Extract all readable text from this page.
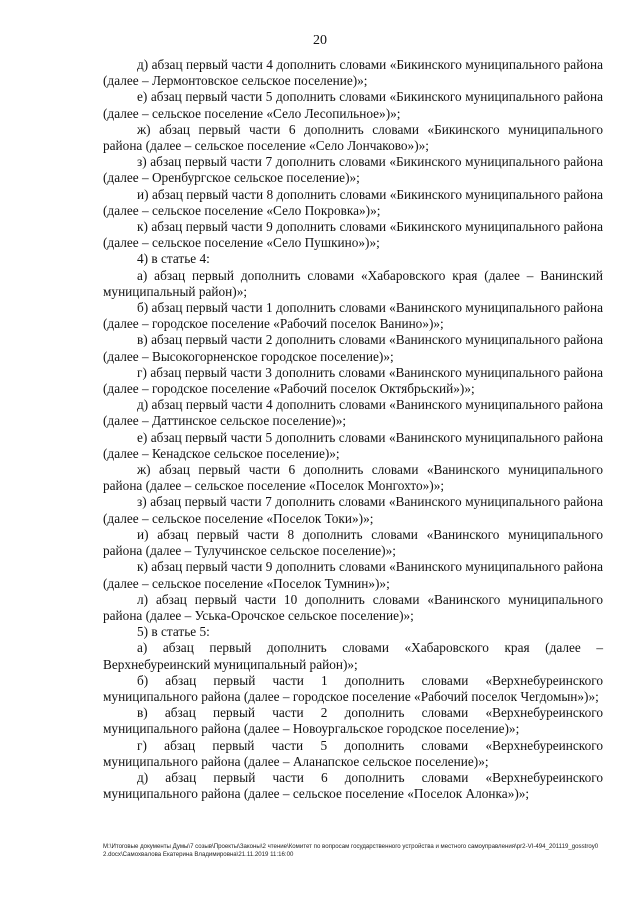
20

д) абзац первый части 4 дополнить словами «Бикинского муниципального района (далее – Лермонтовское сельское поселение)»;

е) абзац первый части 5 дополнить словами «Бикинского муниципального района (далее – сельское поселение «Село Лесопильное»)»;

ж) абзац первый части 6 дополнить словами «Бикинского муниципального района (далее – сельское поселение «Село Лончаково»)»;

з) абзац первый части 7 дополнить словами «Бикинского муниципального района (далее – Оренбургское сельское поселение)»;

и) абзац первый части 8 дополнить словами «Бикинского муниципального района (далее – сельское поселение «Село Покровка»)»;

к) абзац первый части 9 дополнить словами «Бикинского муниципального района (далее – сельское поселение «Село Пушкино»)»;

4) в статье 4:

а) абзац первый дополнить словами «Хабаровского края (далее – Ванинский муниципальный район)»;

б) абзац первый части 1 дополнить словами «Ванинского муниципального района (далее – городское поселение «Рабочий поселок Ванино»)»;

в) абзац первый части 2 дополнить словами «Ванинского муниципального района (далее – Высокогорненское городское поселение)»;

г) абзац первый части 3 дополнить словами «Ванинского муниципального района (далее – городское поселение «Рабочий поселок Октябрьский»)»;

д) абзац первый части 4 дополнить словами «Ванинского муниципального района (далее – Даттинское сельское поселение)»;

е) абзац первый части 5 дополнить словами «Ванинского муниципального района (далее – Кенадское сельское поселение)»;

ж) абзац первый части 6 дополнить словами «Ванинского муниципального района (далее – сельское поселение «Поселок Монгохто»)»;

з) абзац первый части 7 дополнить словами «Ванинского муниципального района (далее – сельское поселение «Поселок Токи»)»;

и) абзац первый части 8 дополнить словами «Ванинского муниципального района (далее – Тулучинское сельское поселение)»;

к) абзац первый части 9 дополнить словами «Ванинского муниципального района (далее – сельское поселение «Поселок Тумнин»)»;

л) абзац первый части 10 дополнить словами «Ванинского муниципального района (далее – Уська-Орочское сельское поселение)»;

5) в статье 5:

а) абзац первый дополнить словами «Хабаровского края (далее – Верхнебуреинский муниципальный район)»;

б) абзац первый части 1 дополнить словами «Верхнебуреинского муниципального района (далее – городское поселение «Рабочий поселок Чегдомын»)»;

в) абзац первый части 2 дополнить словами «Верхнебуреинского муниципального района (далее – Новоургальское городское поселение)»;

г) абзац первый части 5 дополнить словами «Верхнебуреинского муниципального района (далее – Аланапское сельское поселение)»;

д) абзац первый части 6 дополнить словами «Верхнебуреинского муниципального района (далее – сельское поселение «Поселок Алонка»)»;

M:\Итоговые документы Думы\7 созыв\Проекты\Законы\2 чтение\Комитет по вопросам государственного устройства и местного самоуправления\pr2-VI-494_201119_gosstroy02.docx\Самохвалова Екатерина Владимировна\21.11.2019 11:16:00
